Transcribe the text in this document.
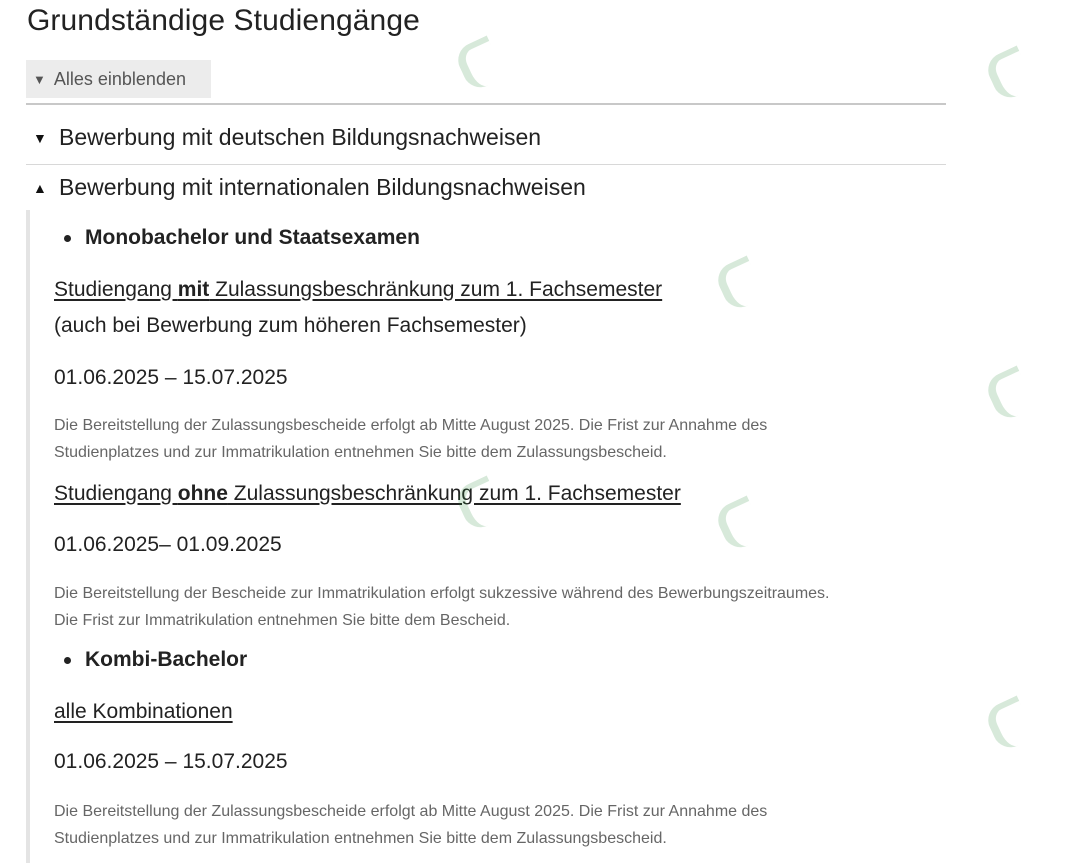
Grundständige Studiengänge
▼ Alles einblenden
▼ Bewerbung mit deutschen Bildungsnachweisen
▲ Bewerbung mit internationalen Bildungsnachweisen
Monobachelor und Staatsexamen
Studiengang mit Zulassungsbeschränkung zum 1. Fachsemester
(auch bei Bewerbung zum höheren Fachsemester)
01.06.2025 – 15.07.2025
Die Bereitstellung der Zulassungsbescheide erfolgt ab Mitte August 2025. Die Frist zur Annahme des
Studienplatzes und zur Immatrikulation entnehmen Sie bitte dem Zulassungsbescheid.
Studiengang ohne Zulassungsbeschränkung zum 1. Fachsemester
01.06.2025– 01.09.2025
Die Bereitstellung der Bescheide zur Immatrikulation erfolgt sukzessive während des Bewerbungszeitraumes.
Die Frist zur Immatrikulation entnehmen Sie bitte dem Bescheid.
Kombi-Bachelor
alle Kombinationen
01.06.2025 – 15.07.2025
Die Bereitstellung der Zulassungsbescheide erfolgt ab Mitte August 2025. Die Frist zur Annahme des
Studienplatzes und zur Immatrikulation entnehmen Sie bitte dem Zulassungsbescheid.
